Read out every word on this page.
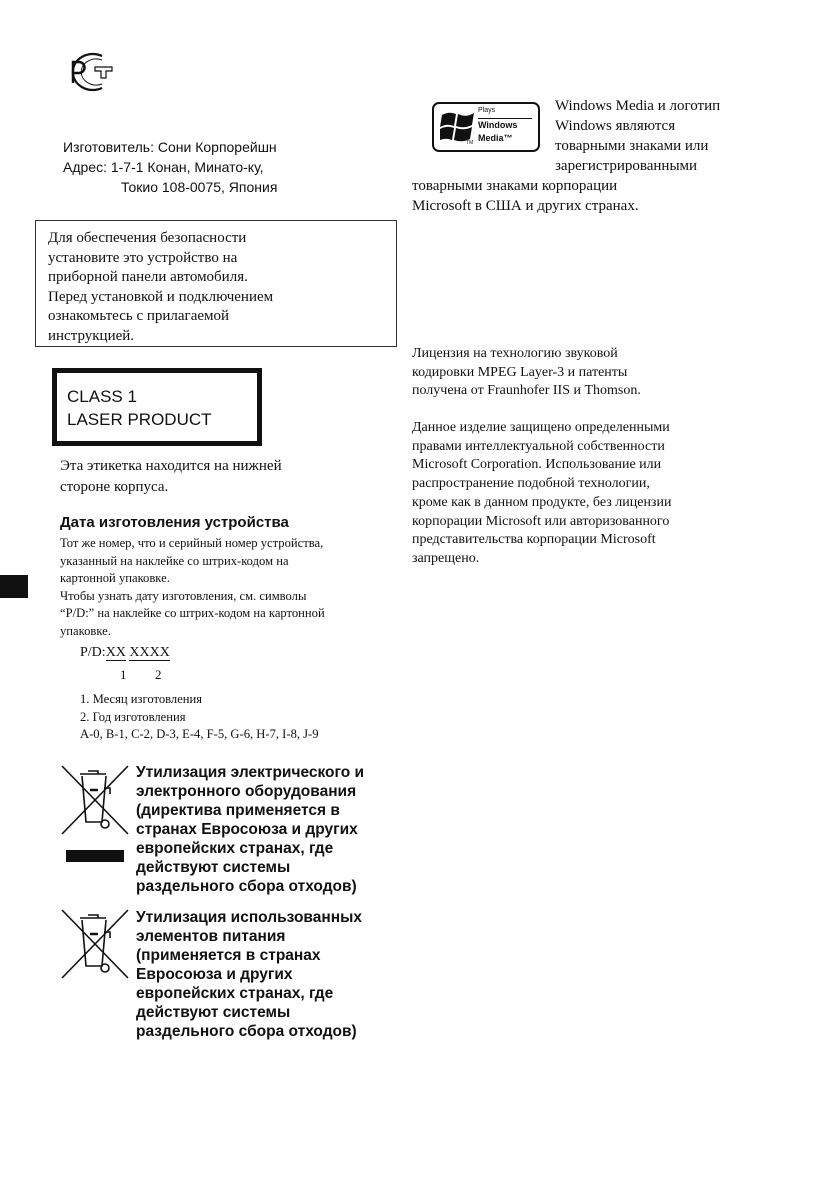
Изготовитель: Сони Корпорейшн
Адрес: 1-7-1 Конан, Минато-ку,
Токио 108-0075, Япония
Для обеспечения безопасности
установите это устройство на
приборной панели автомобиля.
Перед установкой и подключением
ознакомьтесь с прилагаемой
инструкцией.
CLASS 1
LASER PRODUCT
Эта этикетка находится на нижней
стороне корпуса.
Дата изготовления устройства
Тот же номер, что и серийный номер устройства,
указанный на наклейке со штрих-кодом на
картонной упаковке.
Чтобы узнать дату изготовления, см. символы
“P/D:” на наклейке со штрих-кодом на картонной
упаковке.
P/D:XX XXXX
1 2
1. Месяц изготовления
2. Год изготовления
A-0, B-1, C-2, D-3, E-4, F-5, G-6, H-7, I-8, J-9
Утилизация электрического и
электронного оборудования
(директива применяется в
странах Евросоюза и других
европейских странах, где
действуют системы
раздельного сбора отходов)
Утилизация использованных
элементов питания
(применяется в странах
Евросоюза и других
европейских странах, где
действуют системы
раздельного сбора отходов)
Plays
Windows
Media™
TM
Windows Media и логотип
Windows являются
товарными знаками или
зарегистрированными
товарными знаками корпорации
Microsoft в США и других странах.
Лицензия на технологию звуковой
кодировки MPEG Layer-3 и патенты
получена от Fraunhofer IIS и Thomson.
Данное изделие защищено определенными
правами интеллектуальной собственности
Microsoft Corporation. Использование или
распространение подобной технологии,
кроме как в данном продукте, без лицензии
корпорации Microsoft или авторизованного
представительства корпорации Microsoft
запрещено.
